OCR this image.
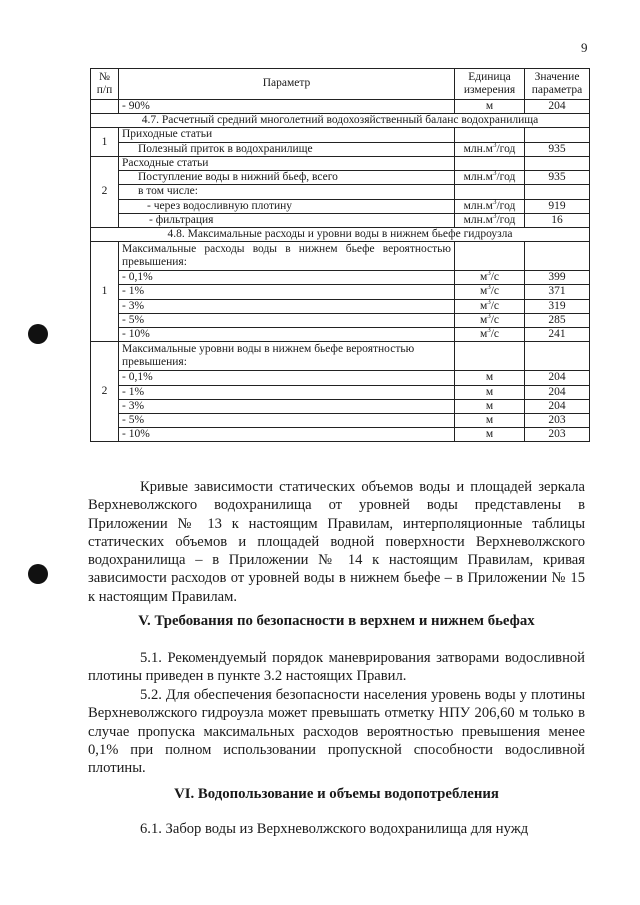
9
№ п/п	Параметр	Единица измерения	Значение параметра
	- 90%	м	204
4.7. Расчетный средний многолетний водохозяйственный баланс водохранилища			
1	Приходные статьи		
	Полезный приток в водохранилище	$млн.м^3$/год	935
2	Расходные статьи		
	Поступление воды в нижний бьеф, всего	$млн.м^3$/год	935
	в том числе:		
	- через водосливную плотину	$млн.м^3$/год	919
	- фильтрация	$млн.м^3$/год	16
4.8. Максимальные расходы и уровни воды в нижнем бьефе гидроузла			
1	Максимальные расходы воды в нижнем бьефе вероятностью превышения:		
	- 0,1%	$м^3/с$	399
	- 1%	$м^3/с$	371
	- 3%	$м^3/с$	319
	- 5%	$м^3/с$	285
	- 10%	$м^3/с$	241
2	Максимальные уровни воды в нижнем бьефе вероятностью превышения:		
	- 0,1%	м	204
	- 1%	м	204
	- 3%	м	204
	- 5%	м	203
	- 10%	м	203
Кривые зависимости статических объемов воды и площадей зеркала Верхневолжского водохранилища от уровней воды представлены в Приложении № 13 к настоящим Правилам, интерполяционные таблицы статических объемов и площадей водной поверхности Верхневолжского водохранилища – в Приложении № 14 к настоящим Правилам, кривая зависимости расходов от уровней воды в нижнем бьефе – в Приложении № 15 к настоящим Правилам.
V. Требования по безопасности в верхнем и нижнем бьефах
5.1. Рекомендуемый порядок маневрирования затворами водосливной плотины приведен в пункте 3.2 настоящих Правил.
5.2. Для обеспечения безопасности населения уровень воды у плотины Верхневолжского гидроузла может превышать отметку НПУ 206,60 м только в случае пропуска максимальных расходов вероятностью превышения менее 0,1% при полном использовании пропускной способности водосливной плотины.
VI. Водопользование и объемы водопотребления
6.1. Забор воды из Верхневолжского водохранилища для нужд
